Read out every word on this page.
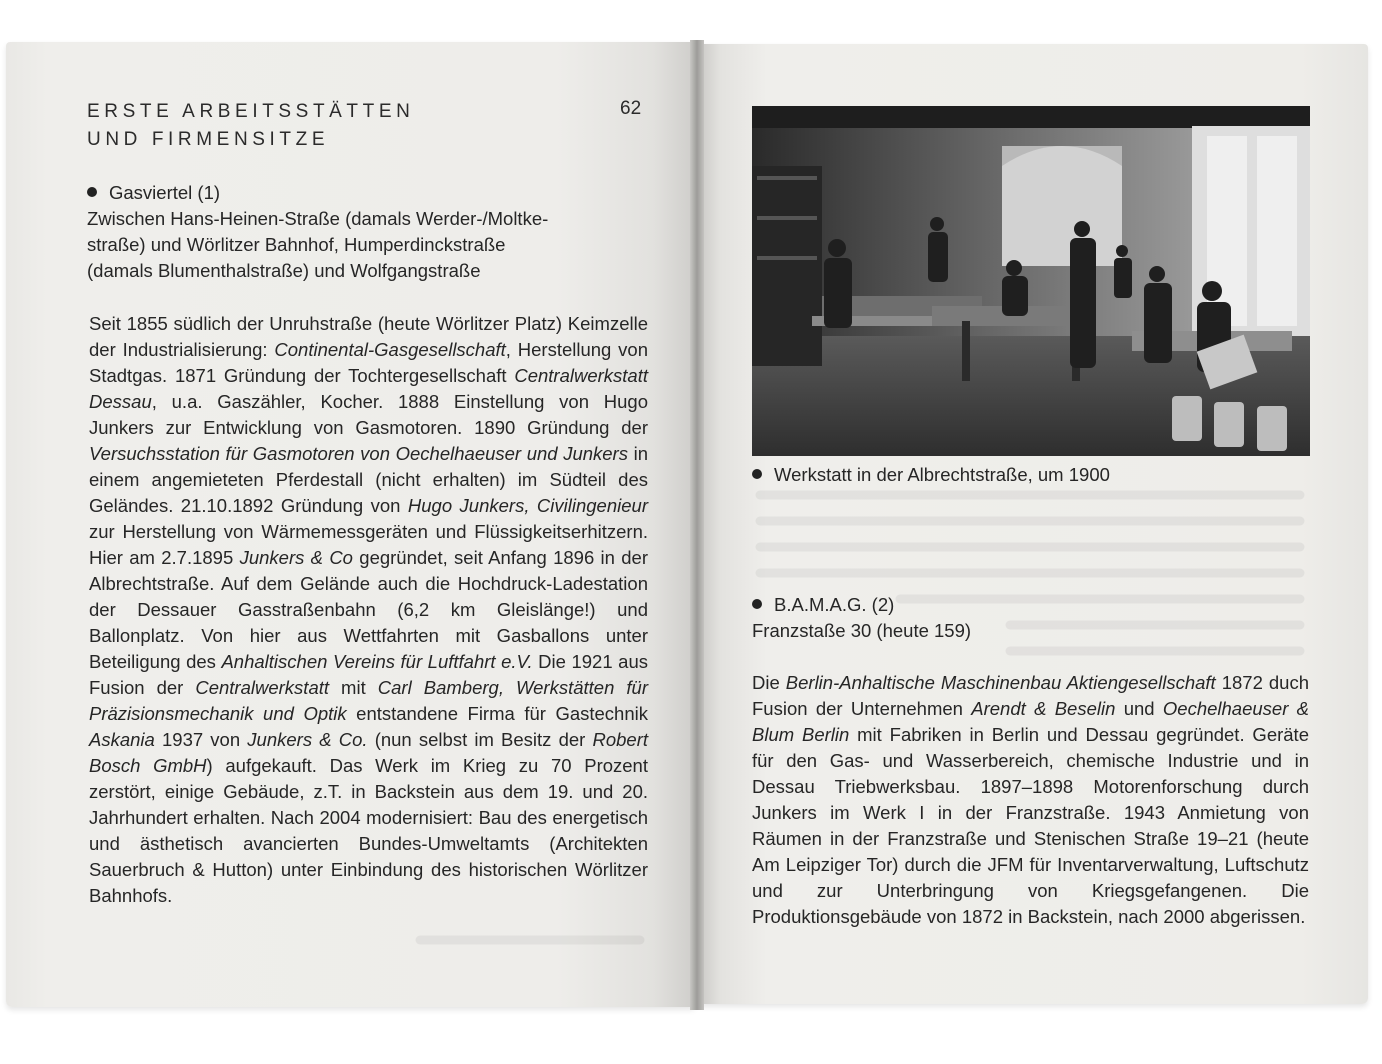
ERSTE ARBEITSSTÄTTEN
UND FIRMENSITZE
62
Gasviertel (1)
Zwischen Hans-Heinen-Straße (damals Werder-/Moltke-
straße) und Wörlitzer Bahnhof, Humperdinckstraße
(damals Blumenthalstraße) und Wolfgangstraße

Seit 1855 südlich der Unruhstraße (heute Wörlitzer Platz) Keimzelle der Industrialisierung: Continental-Gasgesellschaft, Herstellung von Stadtgas. 1871 Gründung der Tochtergesellschaft Centralwerkstatt Dessau, u.a. Gaszähler, Kocher. 1888 Einstellung von Hugo Junkers zur Entwicklung von Gasmotoren. 1890 Gründung der Versuchsstation für Gasmotoren von Oechelhaeuser und Junkers in einem angemieteten Pferdestall (nicht erhalten) im Südteil des Geländes. 21.10.1892 Gründung von Hugo Junkers, Civilingenieur zur Herstellung von Wärmemessgeräten und Flüssigkeitserhitzern. Hier am 2.7.1895 Junkers & Co gegründet, seit Anfang 1896 in der Albrechtstraße. Auf dem Gelände auch die Hochdruck-Ladestation der Dessauer Gasstraßenbahn (6,2 km Gleislänge!) und Ballonplatz. Von hier aus Wettfahrten mit Gasballons unter Beteiligung des Anhaltischen Vereins für Luftfahrt e.V. Die 1921 aus Fusion der Centralwerkstatt mit Carl Bamberg, Werkstätten für Präzisionsmechanik und Optik entstandene Firma für Gastechnik Askania 1937 von Junkers & Co. (nun selbst im Besitz der Robert Bosch GmbH) aufgekauft. Das Werk im Krieg zu 70 Prozent zerstört, einige Gebäude, z.T. in Backstein aus dem 19. und 20. Jahrhundert erhalten. Nach 2004 modernisiert: Bau des energetisch und ästhetisch avancierten Bundes-Umweltamts (Architekten Sauerbruch & Hutton) unter Einbindung des historischen Wörlitzer Bahnhofs.

Werkstatt in der Albrechtstraße, um 1900
B.A.M.A.G. (2)
Franzstaße 30 (heute 159)

Die Berlin-Anhaltische Maschinenbau Aktiengesellschaft 1872 duch Fusion der Unternehmen Arendt & Beselin und Oechelhaeuser & Blum Berlin mit Fabriken in Berlin und Dessau gegründet. Geräte für den Gas- und Wasserbereich, chemische Industrie und in Dessau Triebwerksbau. 1897–1898 Motorenforschung durch Junkers im Werk I in der Franzstraße. 1943 Anmietung von Räumen in der Franzstraße und Stenischen Straße 19–21 (heute Am Leipziger Tor) durch die JFM für Inventarverwaltung, Luftschutz und zur Unterbringung von Kriegsgefangenen. Die Produktionsgebäude von 1872 in Backstein, nach 2000 abgerissen.
